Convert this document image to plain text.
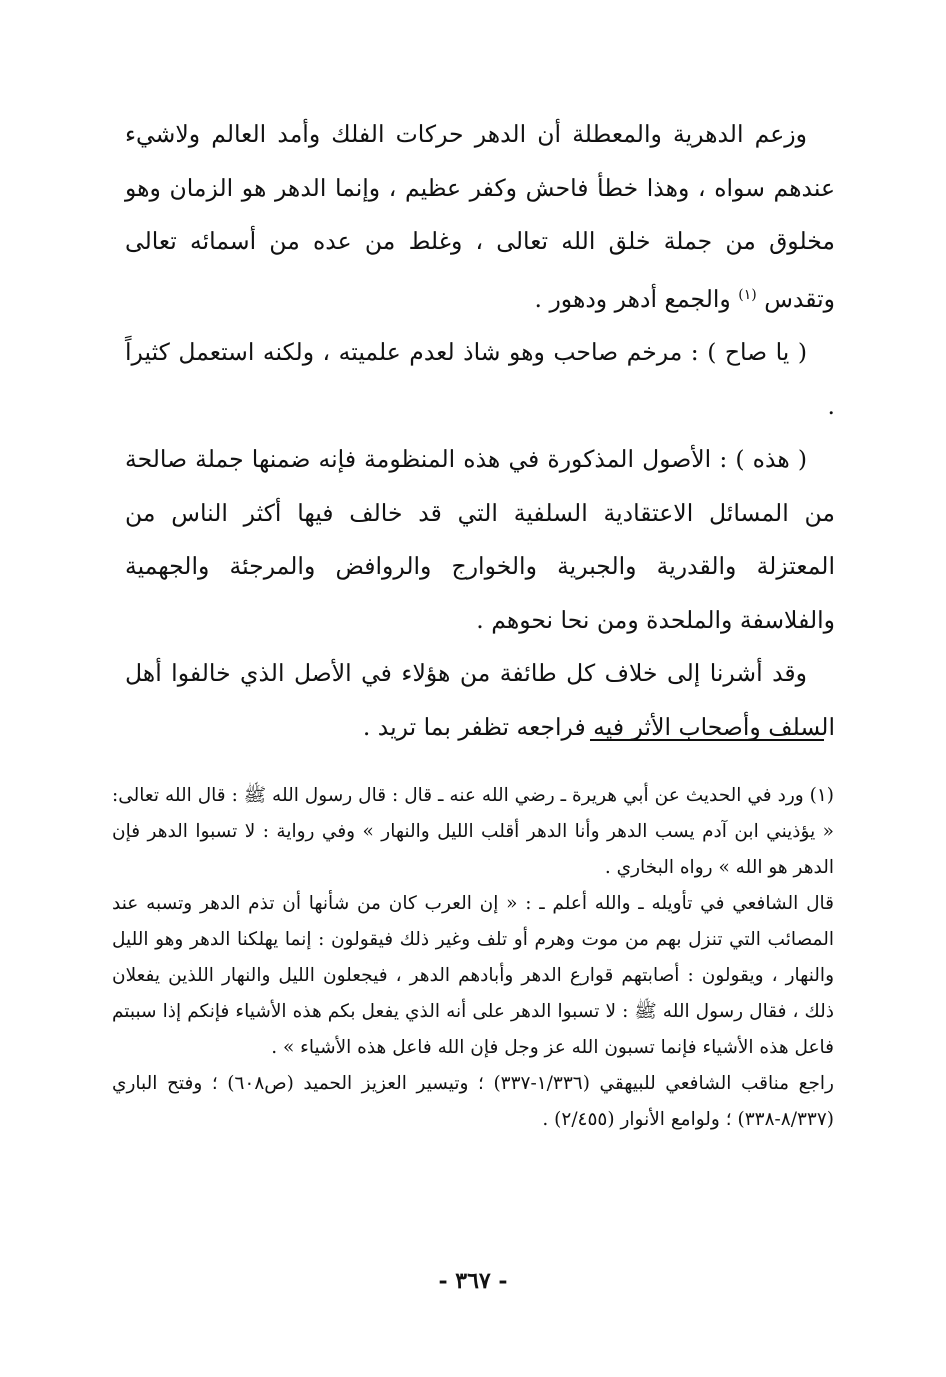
وزعم الدهرية والمعطلة أن الدهر حركات الفلك وأمد العالم ولاشيء عندهم سواه ، وهذا خطأ فاحش وكفر عظيم ، وإنما الدهر هو الزمان وهو مخلوق من جملة خلق الله تعالى ، وغلط من عده من أسمائه تعالى وتقدس $^{(١)}$ والجمع أدهر ودهور .

( يا صاح ) : مرخم صاحب وهو شاذ لعدم علميته ، ولكنه استعمل كثيراً .

( هذه ) : الأصول المذكورة في هذه المنظومة فإنه ضمنها جملة صالحة من المسائل الاعتقادية السلفية التي قد خالف فيها أكثر الناس من المعتزلة والقدرية والجبرية والخوارج والروافض والمرجئة والجهمية والفلاسفة والملحدة ومن نحا نحوهم .

وقد أشرنا إلى خلاف كل طائفة من هؤلاء في الأصل الذي خالفوا أهل السلف وأصحاب الأثر فيه فراجعه تظفر بما تريد .

(١) ورد في الحديث عن أبي هريرة ـ رضي الله عنه ـ قال : قال رسول الله ﷺ : قال الله تعالى: « يؤذيني ابن آدم يسب الدهر وأنا الدهر أقلب الليل والنهار » وفي رواية : لا تسبوا الدهر فإن الدهر هو الله » رواه البخاري .

قال الشافعي في تأويله ـ والله أعلم ـ : « إن العرب كان من شأنها أن تذم الدهر وتسبه عند المصائب التي تنزل بهم من موت وهرم أو تلف وغير ذلك فيقولون : إنما يهلكنا الدهر وهو الليل والنهار ، ويقولون : أصابتهم قوارع الدهر وأبادهم الدهر ، فيجعلون الليل والنهار اللذين يفعلان ذلك ، فقال رسول الله ﷺ : لا تسبوا الدهر على أنه الذي يفعل بكم هذه الأشياء فإنكم إذا سببتم فاعل هذه الأشياء فإنما تسبون الله عز وجل فإن الله فاعل هذه الأشياء » .

راجع مناقب الشافعي للبيهقي (١/٣٣٦-٣٣٧) ؛ وتيسير العزيز الحميد (ص٦٠٨) ؛ وفتح الباري (٨/٣٣٧-٣٣٨) ؛ ولوامع الأنوار (٢/٤٥٥) .

- ٣٦٧ -
